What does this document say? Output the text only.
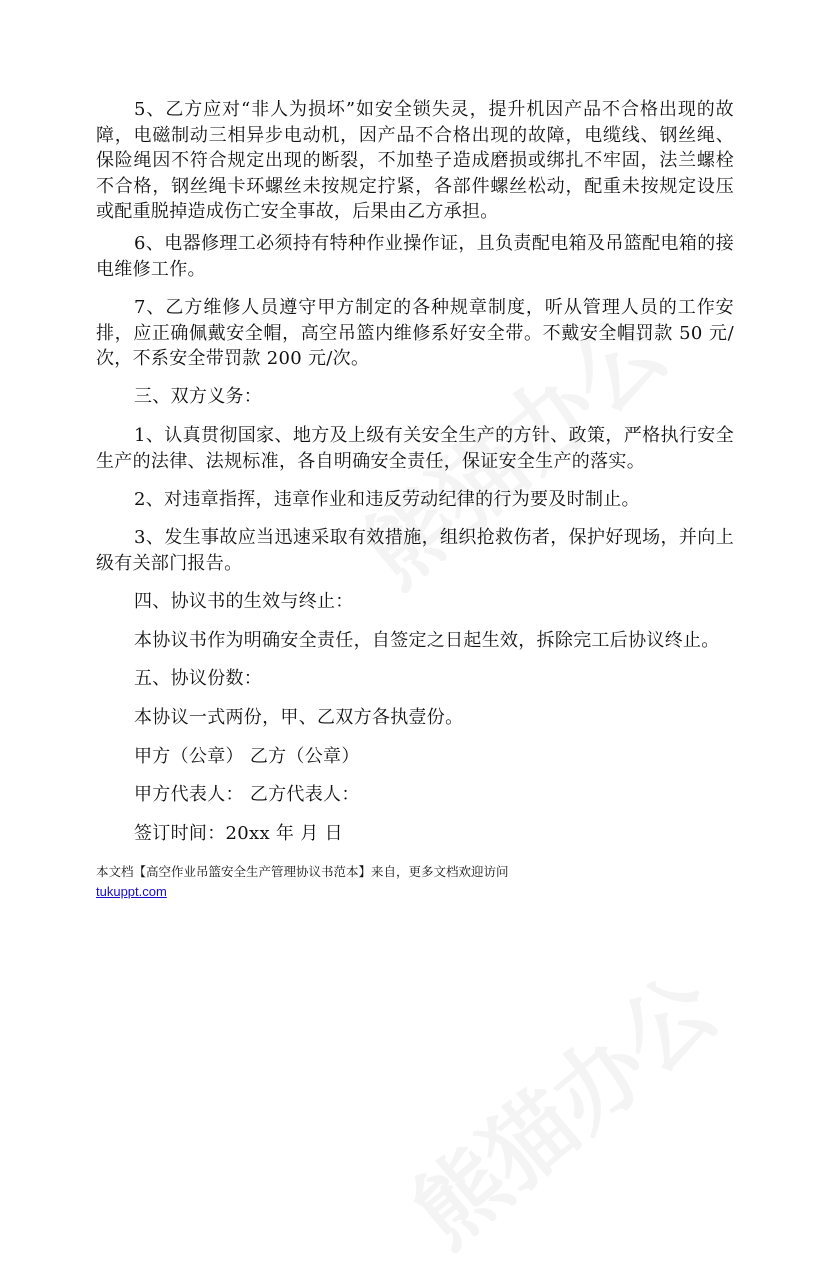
5、乙方应对“非人为损坏”如安全锁失灵，提升机因产品不合格出现的故障，电磁制动三相异步电动机，因产品不合格出现的故障，电缆线、钢丝绳、保险绳因不符合规定出现的断裂，不加垫子造成磨损或绑扎不牢固，法兰螺栓不合格，钢丝绳卡环螺丝未按规定拧紧，各部件螺丝松动，配重未按规定设压或配重脱掉造成伤亡安全事故，后果由乙方承担。

6、电器修理工必须持有特种作业操作证，且负责配电箱及吊篮配电箱的接电维修工作。

7、乙方维修人员遵守甲方制定的各种规章制度，听从管理人员的工作安排，应正确佩戴安全帽，高空吊篮内维修系好安全带。不戴安全帽罚款 50 元/次，不系安全带罚款 200 元/次。

三、双方义务：

1、认真贯彻国家、地方及上级有关安全生产的方针、政策，严格执行安全生产的法律、法规标准，各自明确安全责任，保证安全生产的落实。

2、对违章指挥，违章作业和违反劳动纪律的行为要及时制止。

3、发生事故应当迅速采取有效措施，组织抢救伤者，保护好现场，并向上级有关部门报告。

四、协议书的生效与终止：

本协议书作为明确安全责任，自签定之日起生效，拆除完工后协议终止。

五、协议份数：

本协议一式两份，甲、乙双方各执壹份。

甲方（公章） 乙方（公章）

甲方代表人： 乙方代表人：

签订时间：20xx 年 月 日

本文档【高空作业吊篮安全生产管理协议书范本】来自，更多文档欢迎访问

tukuppt.com
